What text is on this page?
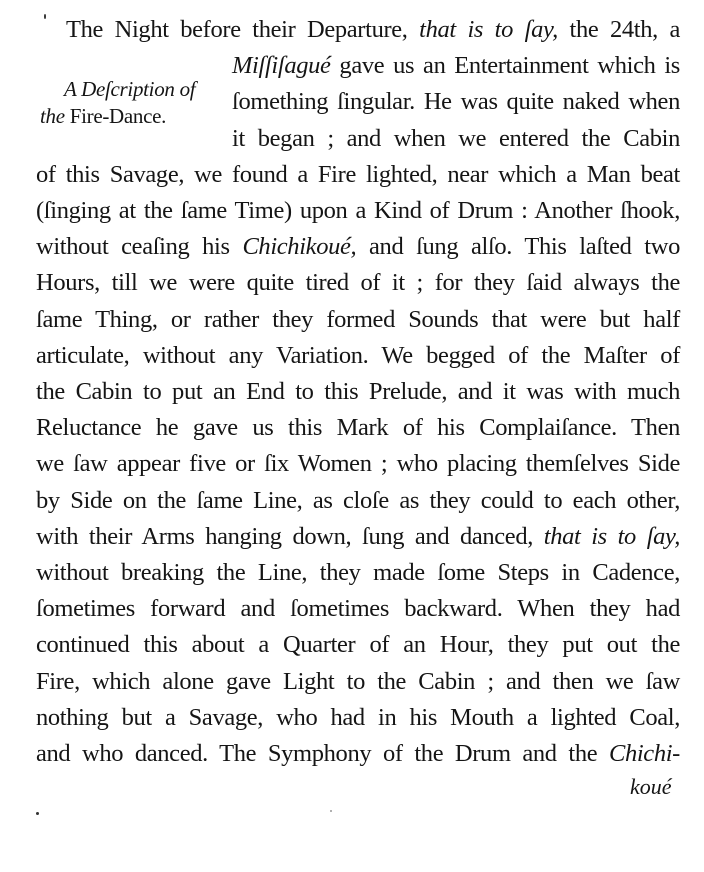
A Deſcription of
the Fire-Dance.
The Night before their Departure, that is to ſay, the 24th, a
Miſſiſagué gave us an Entertainment which is
ſomething ſingular. He was quite naked when
it began ; and when we entered the Cabin
of this Savage, we found a Fire lighted, near which a Man beat
(ſinging at the ſame Time) upon a Kind of Drum : Another ſhook,
without ceaſing his Chichikoué, and ſung alſo. This laſted two
Hours, till we were quite tired of it ; for they ſaid always the
ſame Thing, or rather they formed Sounds that were but half
articulate, without any Variation. We begged of the Maſter of
the Cabin to put an End to this Prelude, and it was with much
Reluctance he gave us this Mark of his Complaiſance. Then
we ſaw appear five or ſix Women ; who placing themſelves Side
by Side on the ſame Line, as cloſe as they could to each other,
with their Arms hanging down, ſung and danced, that is to ſay,
without breaking the Line, they made ſome Steps in Cadence,
ſometimes forward and ſometimes backward. When they had
continued this about a Quarter of an Hour, they put out the
Fire, which alone gave Light to the Cabin ; and then we ſaw
nothing but a Savage, who had in his Mouth a lighted Coal,
and who danced. The Symphony of the Drum and the Chichi-
koué
